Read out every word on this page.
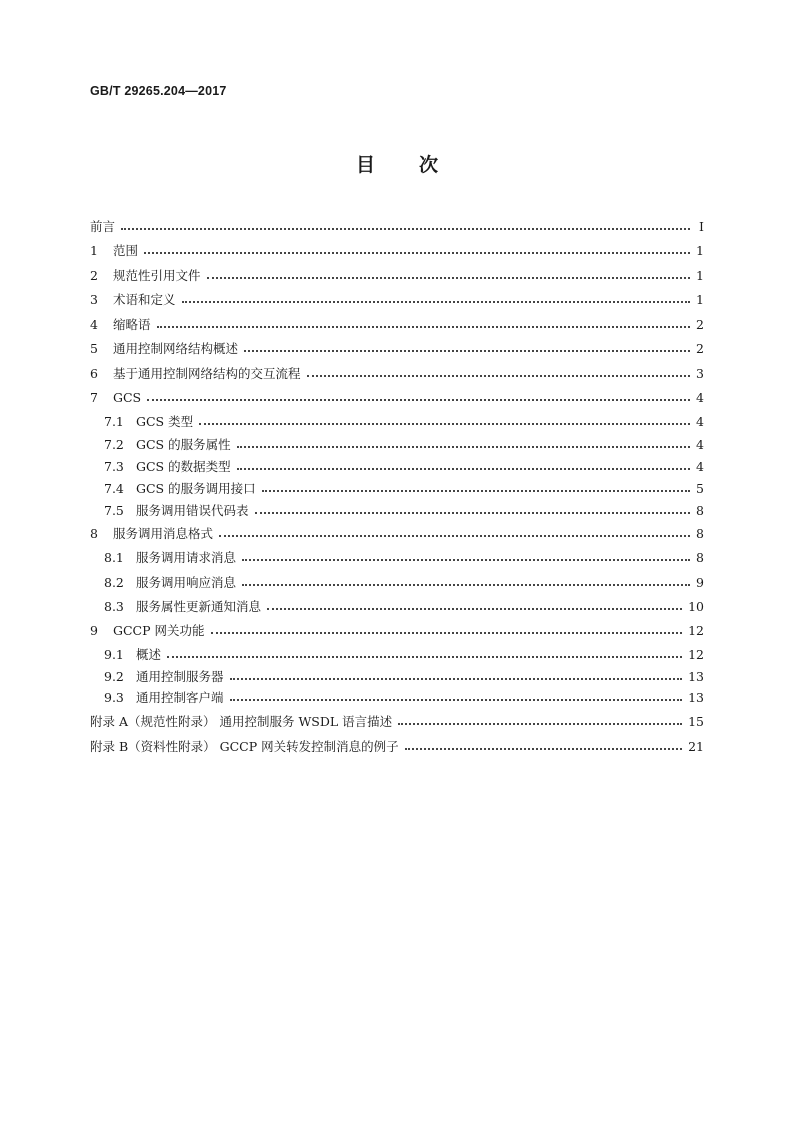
GB/T 29265.204—2017
目 次
前言	I
1	范围	1
2	规范性引用文件	1
3	术语和定义	1
4	缩略语	2
5	通用控制网络结构概述	2
6	基于通用控制网络结构的交互流程	3
7	GCS	4
7.1 GCS 类型	4
7.2 GCS 的服务属性	4
7.3 GCS 的数据类型	4
7.4 GCS 的服务调用接口	5
7.5 服务调用错误代码表	8
8	服务调用消息格式	8
8.1 服务调用请求消息	8
8.2 服务调用响应消息	9
8.3 服务属性更新通知消息	10
9	GCCP 网关功能	12
9.1 概述	12
9.2 通用控制服务器	13
9.3 通用控制客户端	13
附录 A（规范性附录） 通用控制服务 WSDL 语言描述	15
附录 B（资料性附录） GCCP 网关转发控制消息的例子	21
